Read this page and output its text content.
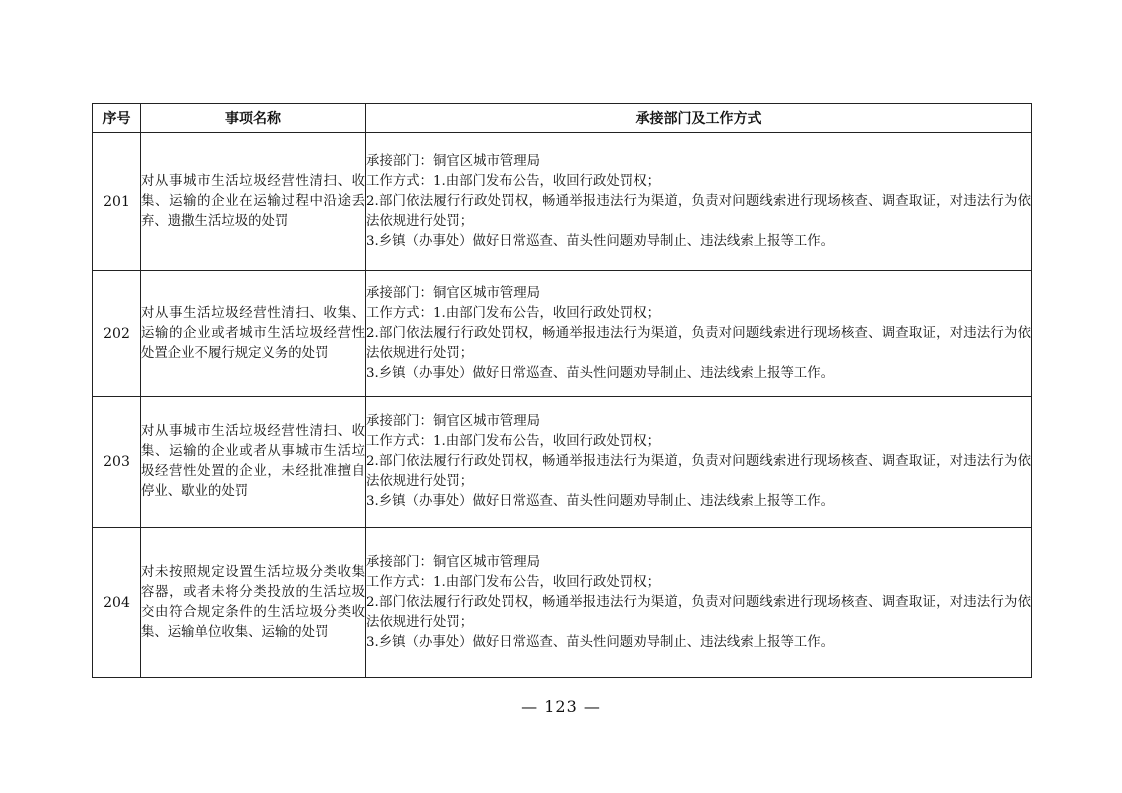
序号	事项名称	承接部门及工作方式
201	对从事城市生活垃圾经营性清扫、收集、运输的企业在运输过程中沿途丢弃、遗撒生活垃圾的处罚	承接部门：铜官区城市管理局
工作方式：1.由部门发布公告，收回行政处罚权；
2.部门依法履行行政处罚权，畅通举报违法行为渠道，负责对问题线索进行现场核查、调查取证，对违法行为依法依规进行处罚；
3.乡镇（办事处）做好日常巡查、苗头性问题劝导制止、违法线索上报等工作。

202	对从事生活垃圾经营性清扫、收集、运输的企业或者城市生活垃圾经营性处置企业不履行规定义务的处罚	承接部门：铜官区城市管理局
工作方式：1.由部门发布公告，收回行政处罚权；
2.部门依法履行行政处罚权，畅通举报违法行为渠道，负责对问题线索进行现场核查、调查取证，对违法行为依法依规进行处罚；
3.乡镇（办事处）做好日常巡查、苗头性问题劝导制止、违法线索上报等工作。

203	对从事城市生活垃圾经营性清扫、收集、运输的企业或者从事城市生活垃圾经营性处置的企业，未经批准擅自停业、歇业的处罚	承接部门：铜官区城市管理局
工作方式：1.由部门发布公告，收回行政处罚权；
2.部门依法履行行政处罚权，畅通举报违法行为渠道，负责对问题线索进行现场核查、调查取证，对违法行为依法依规进行处罚；
3.乡镇（办事处）做好日常巡查、苗头性问题劝导制止、违法线索上报等工作。

204	对未按照规定设置生活垃圾分类收集容器，或者未将分类投放的生活垃圾交由符合规定条件的生活垃圾分类收集、运输单位收集、运输的处罚	承接部门：铜官区城市管理局
工作方式：1.由部门发布公告，收回行政处罚权；
2.部门依法履行行政处罚权，畅通举报违法行为渠道，负责对问题线索进行现场核查、调查取证，对违法行为依法依规进行处罚；
3.乡镇（办事处）做好日常巡查、苗头性问题劝导制止、违法线索上报等工作。
— 123 —
